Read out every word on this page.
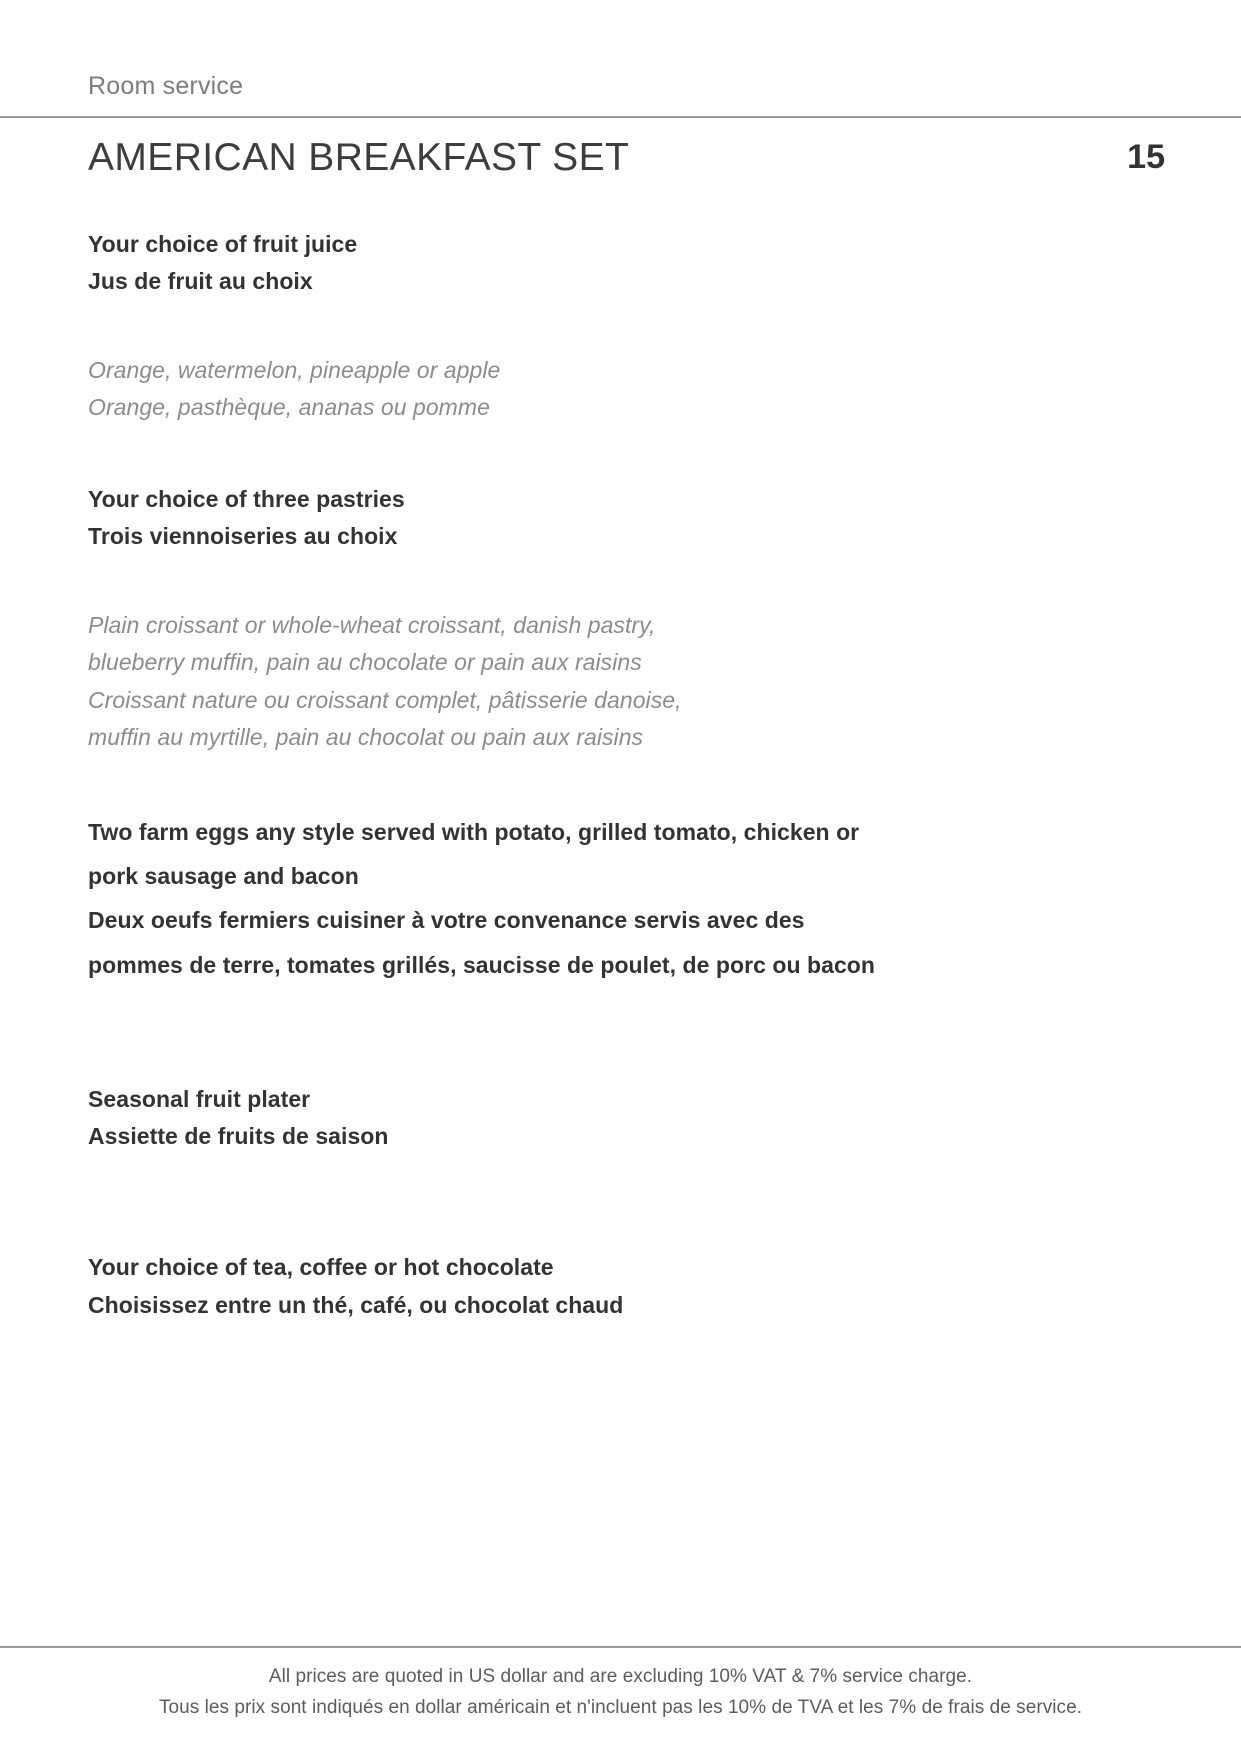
Room service
AMERICAN BREAKFAST SET	15
Your choice of fruit juice
Jus de fruit au choix
Orange, watermelon, pineapple or apple
Orange, pasthèque, ananas ou pomme
Your choice of three pastries
Trois viennoiseries au choix
Plain croissant or whole-wheat croissant, danish pastry,
blueberry muffin, pain au chocolate or pain aux raisins
Croissant nature ou croissant complet, pâtisserie danoise,
muffin au myrtille, pain au chocolat ou pain aux raisins
Two farm eggs any style served with potato, grilled tomato, chicken or
pork sausage and bacon
Deux oeufs fermiers cuisiner à votre convenance servis avec des
pommes de terre, tomates grillés, saucisse de poulet, de porc ou bacon
Seasonal fruit plater
Assiette de fruits de saison
Your choice of tea, coffee or hot chocolate
Choisissez entre un thé, café, ou chocolat chaud
All prices are quoted in US dollar and are excluding 10% VAT & 7% service charge.
Tous les prix sont indiqués en dollar américain et n'incluent pas les 10% de TVA et les 7% de frais de service.
